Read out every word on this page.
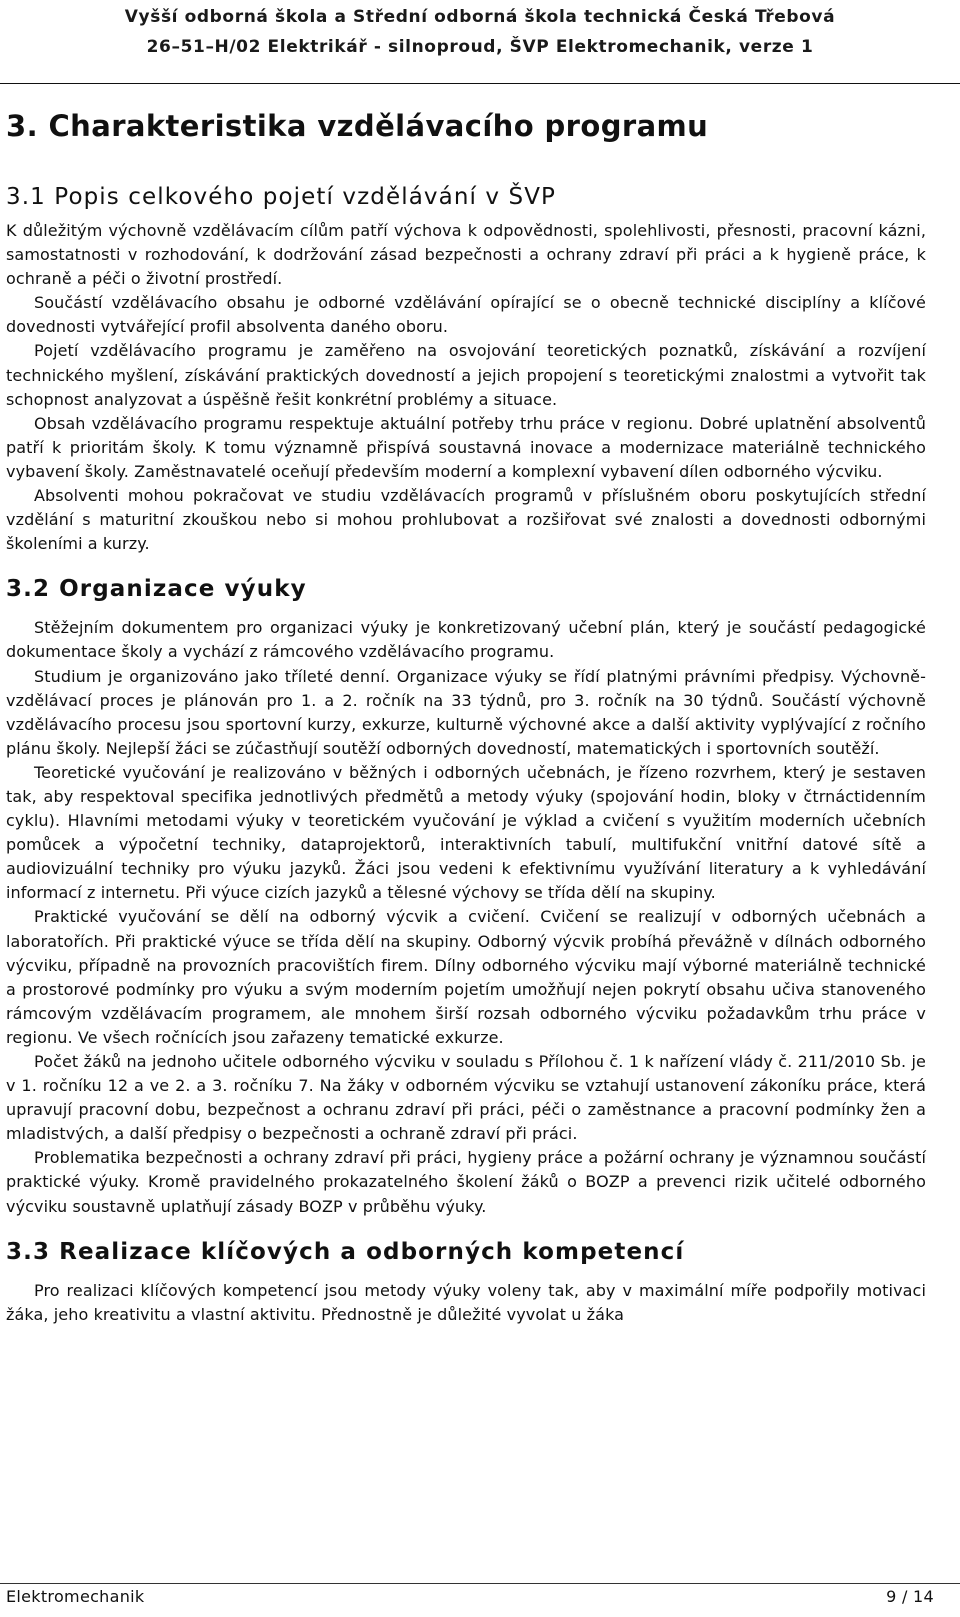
Vyšší odborná škola a Střední odborná škola technická Česká Třebová
26–51–H/02 Elektrikář - silnoproud, ŠVP Elektromechanik, verze 1
3. Charakteristika vzdělávacího programu
3.1 Popis celkového pojetí vzdělávání v ŠVP

K důležitým výchovně vzdělávacím cílům patří výchova k odpovědnosti, spolehlivosti, přesnosti, pracovní kázni, samostatnosti v rozhodování, k dodržování zásad bezpečnosti a ochrany zdraví při práci a k hygieně práce, k ochraně a péči o životní prostředí.

Součástí vzdělávacího obsahu je odborné vzdělávání opírající se o obecně technické disciplíny a klíčové dovednosti vytvářející profil absolventa daného oboru.

Pojetí vzdělávacího programu je zaměřeno na osvojování teoretických poznatků, získávání a rozvíjení technického myšlení, získávání praktických dovedností a jejich propojení s teoretickými znalostmi a vytvořit tak schopnost analyzovat a úspěšně řešit konkrétní problémy a situace.

Obsah vzdělávacího programu respektuje aktuální potřeby trhu práce v regionu. Dobré uplatnění absolventů patří k prioritám školy. K tomu významně přispívá soustavná inovace a modernizace materiálně technického vybavení školy. Zaměstnavatelé oceňují především moderní a komplexní vybavení dílen odborného výcviku.

Absolventi mohou pokračovat ve studiu vzdělávacích programů v příslušném oboru poskytujících střední vzdělání s maturitní zkouškou nebo si mohou prohlubovat a rozšiřovat své znalosti a dovednosti odbornými školeními a kurzy.

3.2 Organizace výuky

Stěžejním dokumentem pro organizaci výuky je konkretizovaný učební plán, který je součástí pedagogické dokumentace školy a vychází z rámcového vzdělávacího programu.

Studium je organizováno jako tříleté denní. Organizace výuky se řídí platnými právními předpisy. Výchovně-vzdělávací proces je plánován pro 1. a 2. ročník na 33 týdnů, pro 3. ročník na 30 týdnů. Součástí výchovně vzdělávacího procesu jsou sportovní kurzy, exkurze, kulturně výchovné akce a další aktivity vyplývající z ročního plánu školy. Nejlepší žáci se zúčastňují soutěží odborných dovedností, matematických i sportovních soutěží.

Teoretické vyučování je realizováno v běžných i odborných učebnách, je řízeno rozvrhem, který je sestaven tak, aby respektoval specifika jednotlivých předmětů a metody výuky (spojování hodin, bloky v čtrnáctidenním cyklu). Hlavními metodami výuky v teoretickém vyučování je výklad a cvičení s využitím moderních učebních pomůcek a výpočetní techniky, dataprojektorů, interaktivních tabulí, multifukční vnitřní datové sítě a audiovizuální techniky pro výuku jazyků. Žáci jsou vedeni k efektivnímu využívání literatury a k vyhledávání informací z internetu. Při výuce cizích jazyků a tělesné výchovy se třída dělí na skupiny.

Praktické vyučování se dělí na odborný výcvik a cvičení. Cvičení se realizují v odborných učebnách a laboratořích. Při praktické výuce se třída dělí na skupiny. Odborný výcvik probíhá převážně v dílnách odborného výcviku, případně na provozních pracovištích firem. Dílny odborného výcviku mají výborné materiálně technické a prostorové podmínky pro výuku a svým moderním pojetím umožňují nejen pokrytí obsahu učiva stanoveného rámcovým vzdělávacím programem, ale mnohem širší rozsah odborného výcviku požadavkům trhu práce v regionu. Ve všech ročnících jsou zařazeny tematické exkurze.

Počet žáků na jednoho učitele odborného výcviku v souladu s Přílohou č. 1 k nařízení vlády č. 211/2010 Sb. je v 1. ročníku 12 a ve 2. a 3. ročníku 7. Na žáky v odborném výcviku se vztahují ustanovení zákoníku práce, která upravují pracovní dobu, bezpečnost a ochranu zdraví při práci, péči o zaměstnance a pracovní podmínky žen a mladistvých, a další předpisy o bezpečnosti a ochraně zdraví při práci.

Problematika bezpečnosti a ochrany zdraví při práci, hygieny práce a požární ochrany je významnou součástí praktické výuky. Kromě pravidelného prokazatelného školení žáků o BOZP a prevenci rizik učitelé odborného výcviku soustavně uplatňují zásady BOZP v průběhu výuky.

3.3 Realizace klíčových a odborných kompetencí

Pro realizaci klíčových kompetencí jsou metody výuky voleny tak, aby v maximální míře podpořily motivaci žáka, jeho kreativitu a vlastní aktivitu. Přednostně je důležité vyvolat u žáka

Elektromechanik	9 / 14
